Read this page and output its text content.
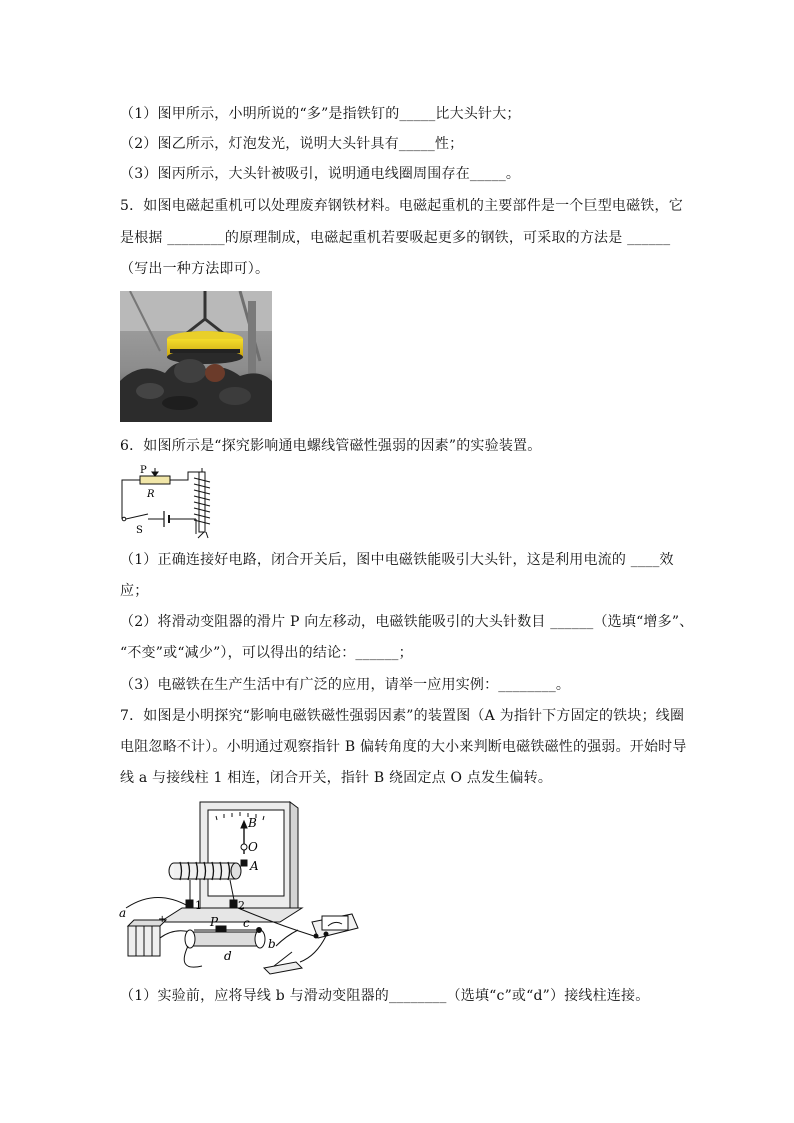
（1）图甲所示，小明所说的“多”是指铁钉的_____比大头针大；
（2）图乙所示，灯泡发光，说明大头针具有_____性；
（3）图丙所示，大头针被吸引，说明通电线圈周围存在_____。
5．如图电磁起重机可以处理废弃钢铁材料。电磁起重机的主要部件是一个巨型电磁铁，它
是根据 ________的原理制成，电磁起重机若要吸起更多的钢铁，可采取的方法是 ______
（写出一种方法即可）。
6．如图所示是“探究影响通电螺线管磁性强弱的因素”的实验装置。
P
R
S
（1）正确连接好电路，闭合开关后，图中电磁铁能吸引大头针，这是利用电流的 ____效
应；
（2）将滑动变阻器的滑片 P 向左移动，电磁铁能吸引的大头针数目 ______（选填“增多”、
“不变”或“减少”），可以得出的结论：______；
（3）电磁铁在生产生活中有广泛的应用，请举一应用实例：________。
7．如图是小明探究“影响电磁铁磁性强弱因素”的装置图（A 为指针下方固定的铁块；线圈
电阻忽略不计）。小明通过观察指针 B 偏转角度的大小来判断电磁铁磁性的强弱。开始时导
线 a 与接线柱 1 相连，闭合开关，指针 B 绕固定点 O 点发生偏转。
B
O
A
1	2
a	+	P c
d
b
（1）实验前，应将导线 b 与滑动变阻器的________（选填“c”或“d”）接线柱连接。
